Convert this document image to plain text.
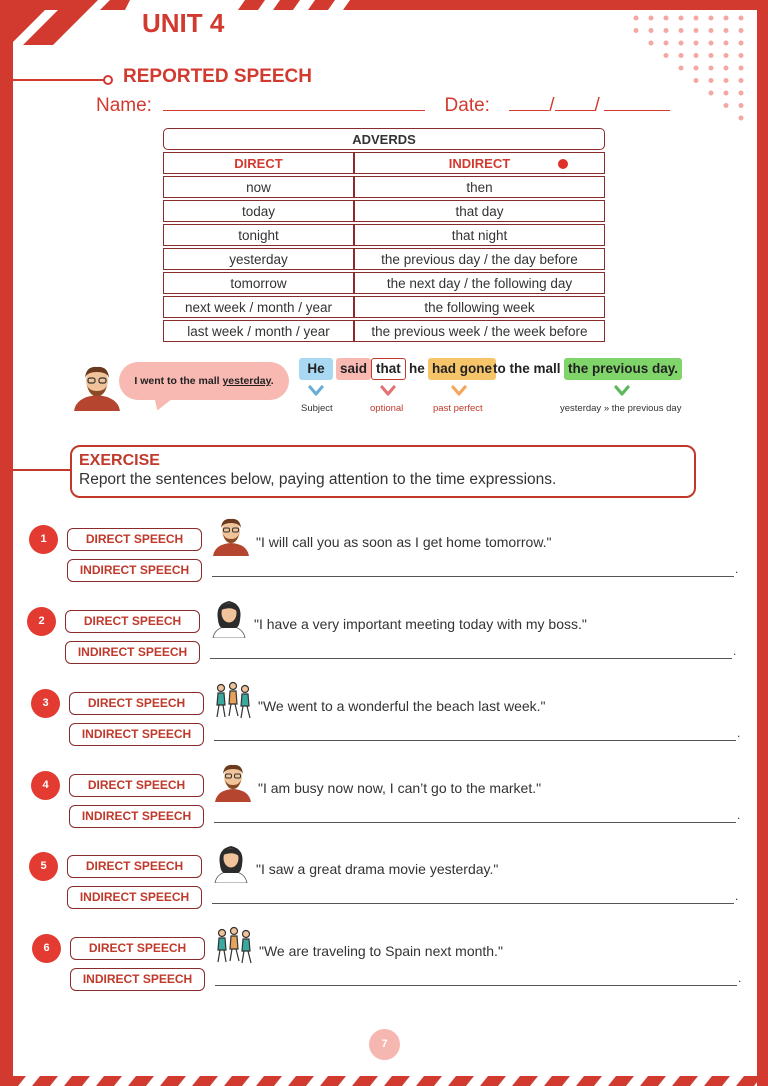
UNIT 4
REPORTED SPEECH
Name:	Date:	/ /
ADVERDS	
DIRECT	INDIRECT

now	then
today	that day
tonight	that night
yesterday	the previous day / the day before
tomorrow	the next day / the following day
next week / month / year	the following week
last week / month / year	the previous week / the week before
I went to the mall yesterday.
He	said that he had gone to the mall the previous day.
Subject	optional	past perfect	yesterday » the previous day
EXERCISE
Report the sentences below, paying attention to the time expressions.
1	DIRECT SPEECH
INDIRECT SPEECH
"I will call you as soon as I get home tomorrow."
.
2	DIRECT SPEECH
INDIRECT SPEECH
"I have a very important meeting today with my boss."
.
3	DIRECT SPEECH
INDIRECT SPEECH
"We went to a wonderful the beach last week."
.
4	DIRECT SPEECH
INDIRECT SPEECH
"I am busy now now, I can’t go to the market."
.
5	DIRECT SPEECH
INDIRECT SPEECH
"I saw a great drama movie yesterday."
.
6	DIRECT SPEECH
INDIRECT SPEECH
"We are traveling to Spain next month."
.
7
